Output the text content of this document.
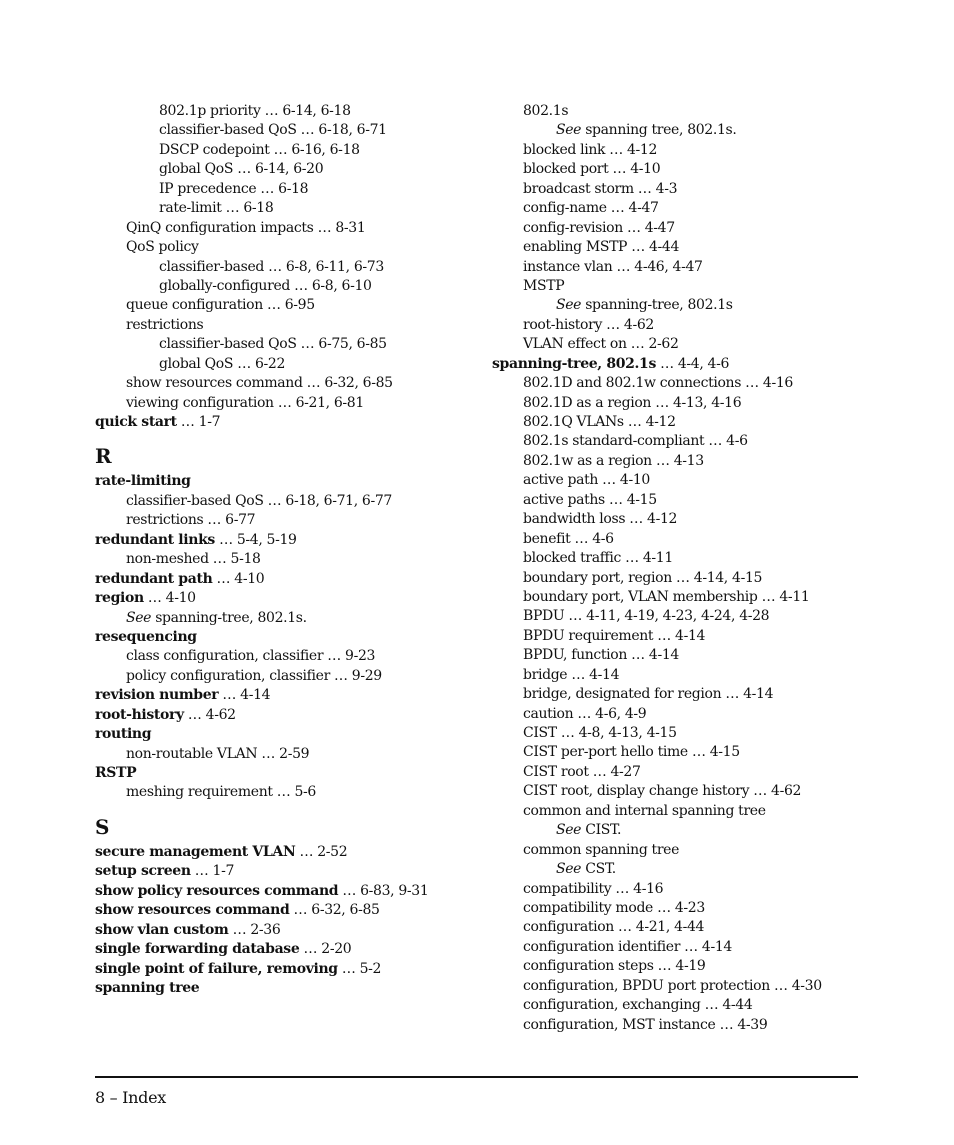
802.1p priority … 6-14, 6-18
classifier-based QoS … 6-18, 6-71
DSCP codepoint … 6-16, 6-18
global QoS … 6-14, 6-20
IP precedence … 6-18
rate-limit … 6-18
QinQ configuration impacts … 8-31
QoS policy
classifier-based … 6-8, 6-11, 6-73
globally-configured … 6-8, 6-10
queue configuration … 6-95
restrictions
classifier-based QoS … 6-75, 6-85
global QoS … 6-22
show resources command … 6-32, 6-85
viewing configuration … 6-21, 6-81
quick start … 1-7
R
rate-limiting
classifier-based QoS … 6-18, 6-71, 6-77
restrictions … 6-77
redundant links … 5-4, 5-19
non-meshed … 5-18
redundant path … 4-10
region … 4-10
See spanning-tree, 802.1s.
resequencing
class configuration, classifier … 9-23
policy configuration, classifier … 9-29
revision number … 4-14
root-history … 4-62
routing
non-routable VLAN … 2-59
RSTP
meshing requirement … 5-6
S
secure management VLAN … 2-52
setup screen … 1-7
show policy resources command … 6-83, 9-31
show resources command … 6-32, 6-85
show vlan custom … 2-36
single forwarding database … 2-20
single point of failure, removing … 5-2
spanning tree
802.1s
See spanning tree, 802.1s.
blocked link … 4-12
blocked port … 4-10
broadcast storm … 4-3
config-name … 4-47
config-revision … 4-47
enabling MSTP … 4-44
instance vlan … 4-46, 4-47
MSTP
See spanning-tree, 802.1s
root-history … 4-62
VLAN effect on … 2-62
spanning-tree, 802.1s … 4-4, 4-6
802.1D and 802.1w connections … 4-16
802.1D as a region … 4-13, 4-16
802.1Q VLANs … 4-12
802.1s standard-compliant … 4-6
802.1w as a region … 4-13
active path … 4-10
active paths … 4-15
bandwidth loss … 4-12
benefit … 4-6
blocked traffic … 4-11
boundary port, region … 4-14, 4-15
boundary port, VLAN membership … 4-11
BPDU … 4-11, 4-19, 4-23, 4-24, 4-28
BPDU requirement … 4-14
BPDU, function … 4-14
bridge … 4-14
bridge, designated for region … 4-14
caution … 4-6, 4-9
CIST … 4-8, 4-13, 4-15
CIST per-port hello time … 4-15
CIST root … 4-27
CIST root, display change history … 4-62
common and internal spanning tree
See CIST.
common spanning tree
See CST.
compatibility … 4-16
compatibility mode … 4-23
configuration … 4-21, 4-44
configuration identifier … 4-14
configuration steps … 4-19
configuration, BPDU port protection … 4-30
configuration, exchanging … 4-44
configuration, MST instance … 4-39
8 – Index
